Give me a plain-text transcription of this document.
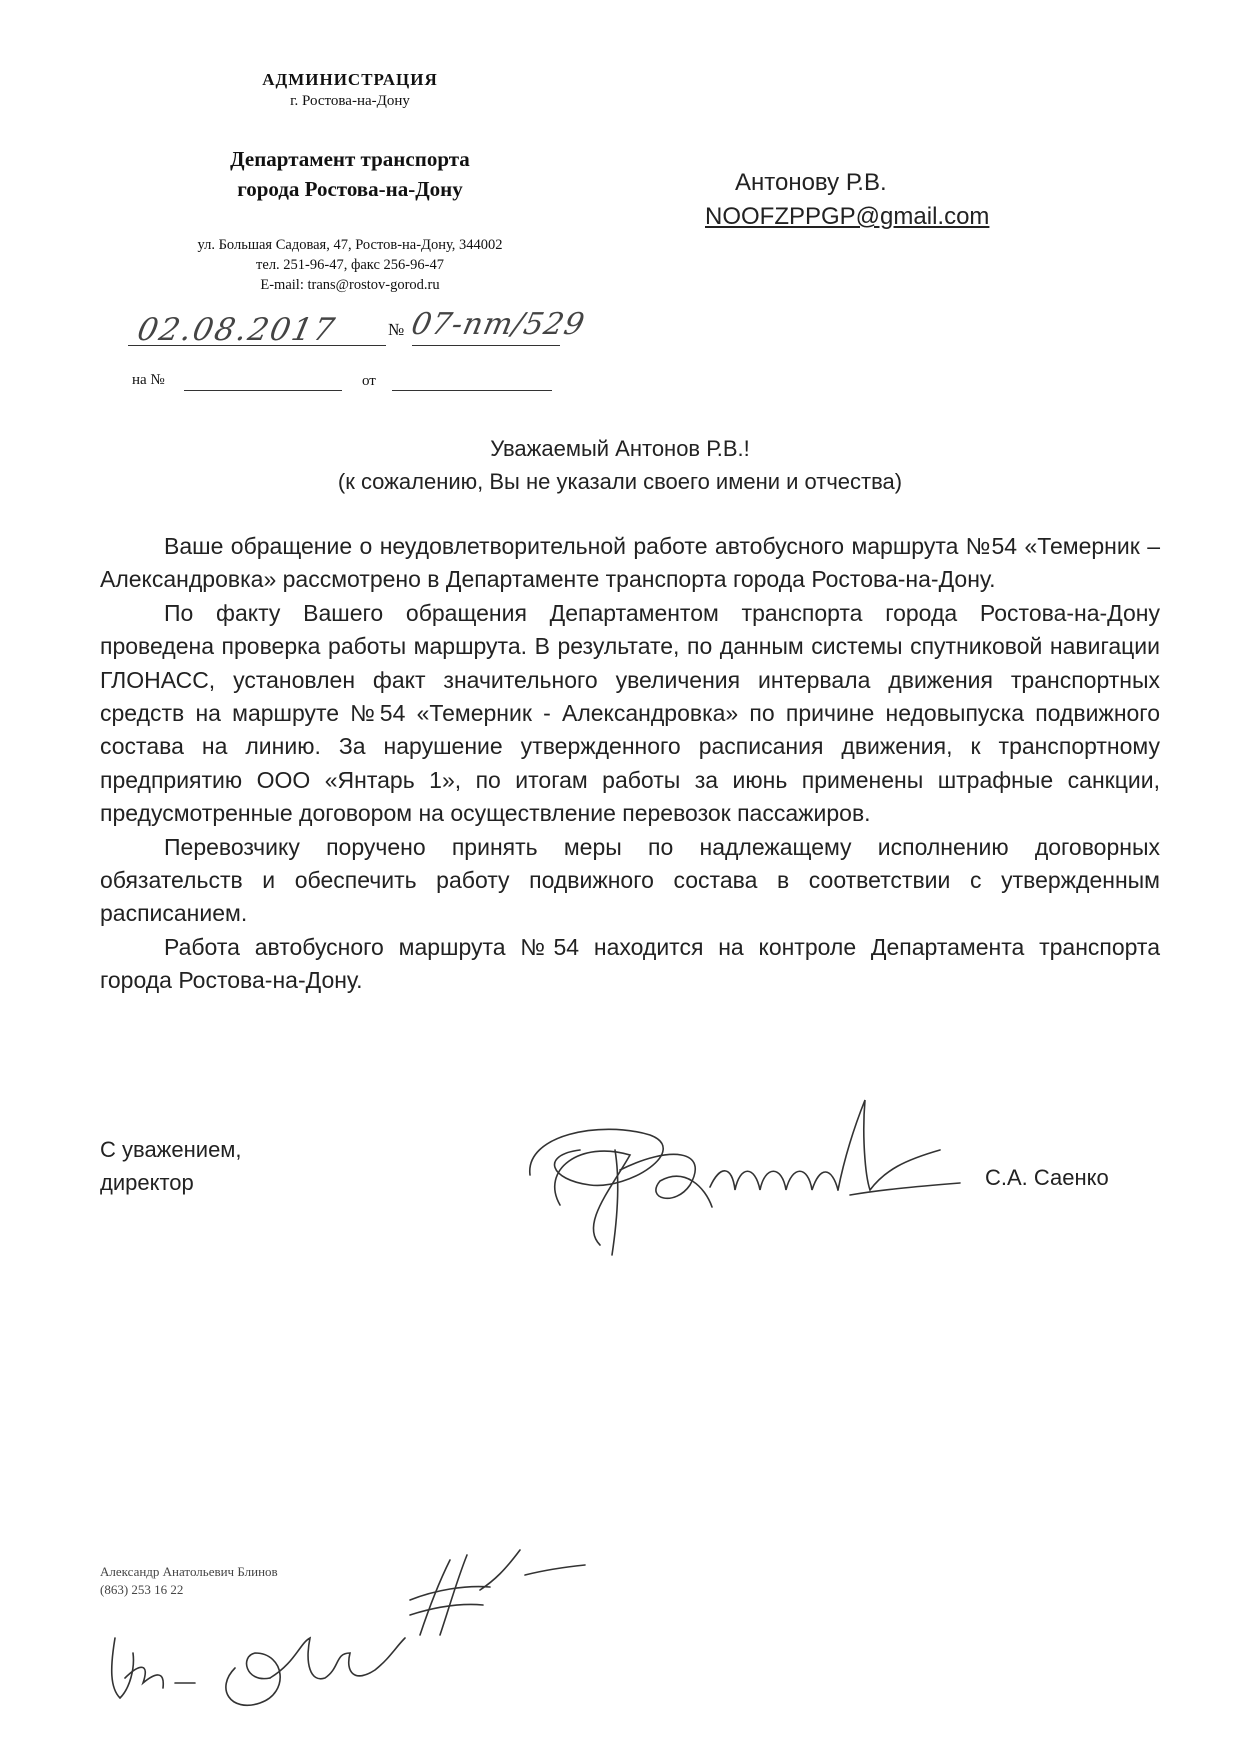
АДМИНИСТРАЦИЯ
г. Ростова-на-Дону
Департамент транспорта
города Ростова-на-Дону
ул. Большая Садовая, 47, Ростов-на-Дону, 344002
тел. 251-96-47, факс 256-96-47
E-mail: trans@rostov-gorod.ru
02.08.2017	№ 07-пт/529
на №	от
Антонову Р.В.
NOOFZPPGP@gmail.com
Уважаемый Антонов Р.В.!
(к сожалению, Вы не указали своего имени и отчества)

Ваше обращение о неудовлетворительной работе автобусного маршрута №54 «Темерник – Александровка» рассмотрено в Департаменте транспорта города Ростова-на-Дону.

По факту Вашего обращения Департаментом транспорта города Ростова-на-Дону проведена проверка работы маршрута. В результате, по данным системы спутниковой навигации ГЛОНАСС, установлен факт значительного увеличения интервала движения транспортных средств на маршруте №54 «Темерник - Александровка» по причине недовыпуска подвижного состава на линию. За нарушение утвержденного расписания движения, к транспортному предприятию ООО «Янтарь 1», по итогам работы за июнь применены штрафные санкции, предусмотренные договором на осуществление перевозок пассажиров.

Перевозчику поручено принять меры по надлежащему исполнению договорных обязательств и обеспечить работу подвижного состава в соответствии с утвержденным расписанием.

Работа автобусного маршрута №54 находится на контроле Департамента транспорта города Ростова-на-Дону.

С уважением,
директор	С.А. Саенко
Александр Анатольевич Блинов
(863) 253 16 22
